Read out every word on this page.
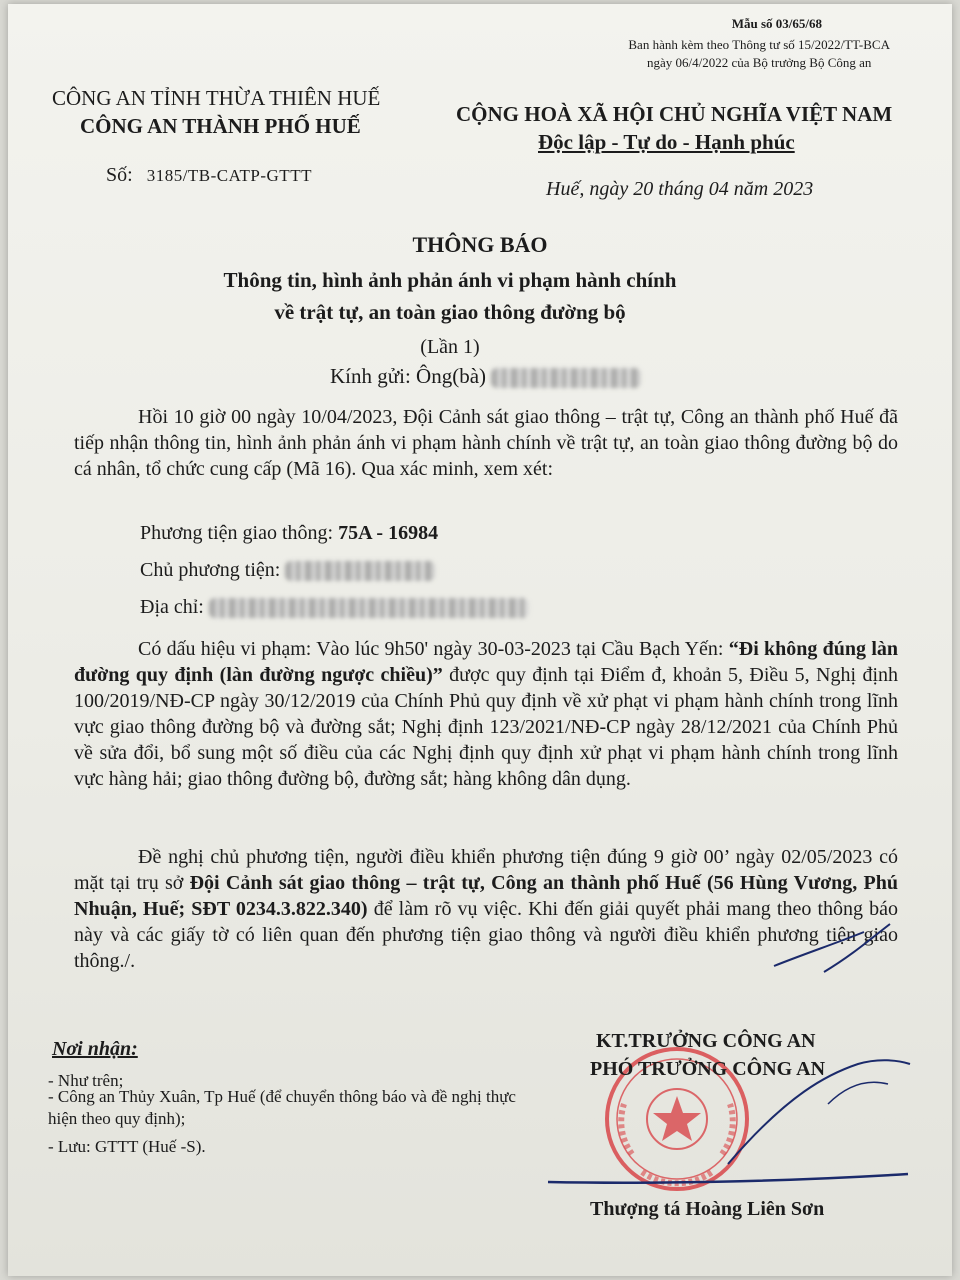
Mẫu số 03/65/68
Ban hành kèm theo Thông tư số 15/2022/TT-BCA
ngày 06/4/2022 của Bộ trưởng Bộ Công an
CÔNG AN TỈNH THỪA THIÊN HUẾ
CÔNG AN THÀNH PHỐ HUẾ
Số: 3185/TB-CATP-GTTT
CỘNG HOÀ XÃ HỘI CHỦ NGHĨA VIỆT NAM
Độc lập - Tự do - Hạnh phúc
Huế, ngày 20 tháng 04 năm 2023
THÔNG BÁO
Thông tin, hình ảnh phản ánh vi phạm hành chính
về trật tự, an toàn giao thông đường bộ
(Lần 1)
Kính gửi: Ông(bà)
Hồi 10 giờ 00 ngày 10/04/2023, Đội Cảnh sát giao thông – trật tự, Công an thành phố Huế đã tiếp nhận thông tin, hình ảnh phản ánh vi phạm hành chính về trật tự, an toàn giao thông đường bộ do cá nhân, tổ chức cung cấp (Mã 16). Qua xác minh, xem xét:
Phương tiện giao thông: 75A - 16984
Chủ phương tiện:
Địa chỉ:
Có dấu hiệu vi phạm: Vào lúc 9h50' ngày 30-03-2023 tại Cầu Bạch Yến: “Đi không đúng làn đường quy định (làn đường ngược chiều)” được quy định tại Điểm đ, khoản 5, Điều 5, Nghị định 100/2019/NĐ-CP ngày 30/12/2019 của Chính Phủ quy định về xử phạt vi phạm hành chính trong lĩnh vực giao thông đường bộ và đường sắt; Nghị định 123/2021/NĐ-CP ngày 28/12/2021 của Chính Phủ về sửa đổi, bổ sung một số điều của các Nghị định quy định xử phạt vi phạm hành chính trong lĩnh vực hàng hải; giao thông đường bộ, đường sắt; hàng không dân dụng.
Đề nghị chủ phương tiện, người điều khiển phương tiện đúng 9 giờ 00’ ngày 02/05/2023 có mặt tại trụ sở Đội Cảnh sát giao thông – trật tự, Công an thành phố Huế (56 Hùng Vương, Phú Nhuận, Huế; SĐT 0234.3.822.340) để làm rõ vụ việc. Khi đến giải quyết phải mang theo thông báo này và các giấy tờ có liên quan đến phương tiện giao thông và người điều khiển phương tiện giao thông./.
Nơi nhận:
- Như trên;
- Công an Thủy Xuân, Tp Huế (để chuyển thông báo và đề nghị thực hiện theo quy định);
- Lưu: GTTT (Huế -S).
KT.TRƯỞNG CÔNG AN
PHÓ TRƯỞNG CÔNG AN
Thượng tá Hoàng Liên Sơn
